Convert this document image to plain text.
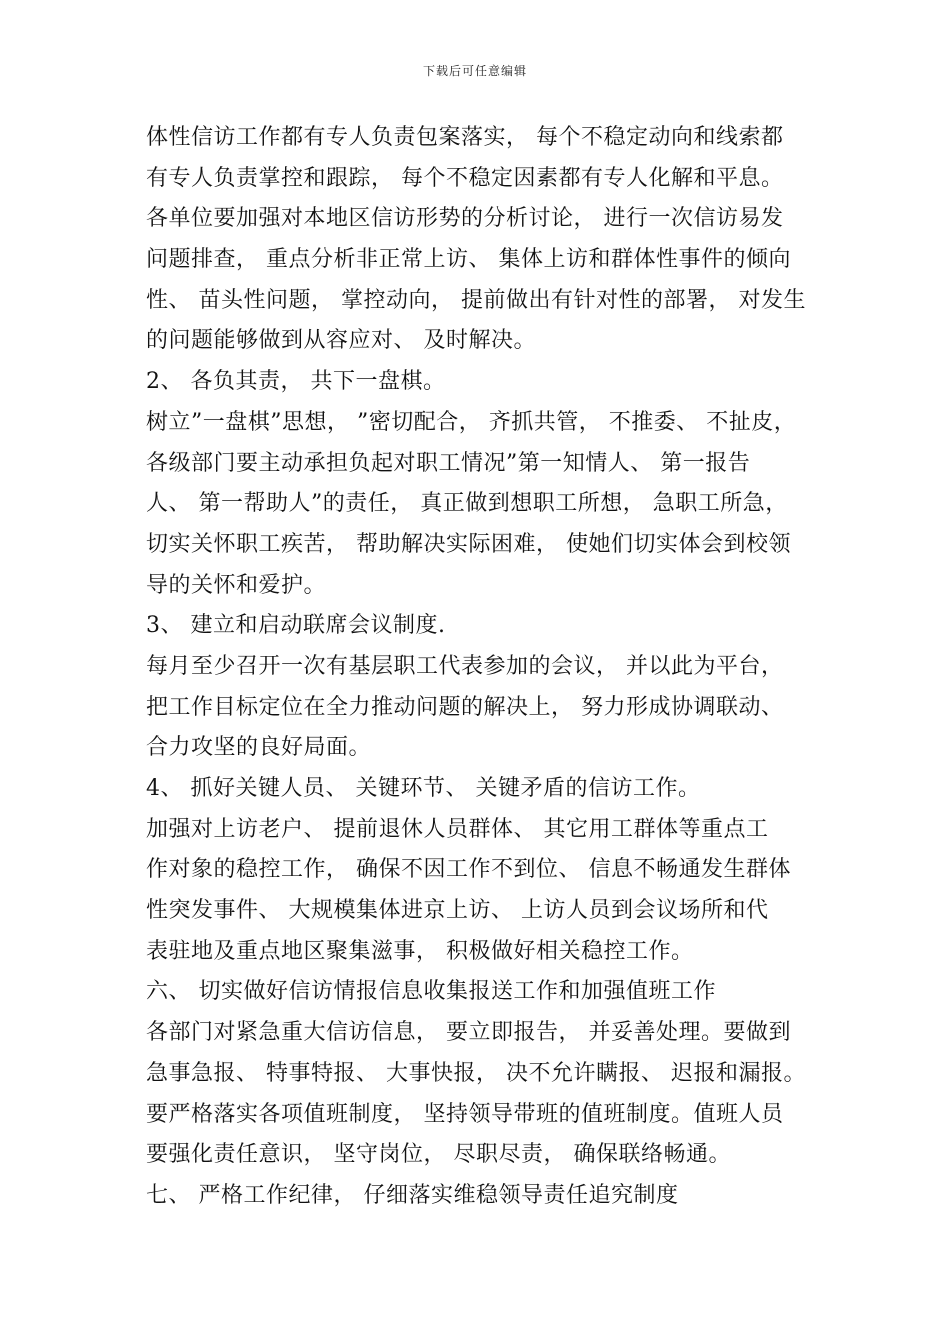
下载后可任意编辑
体性信访工作都有专人负责包案落实， 每个不稳定动向和线索都
有专人负责掌控和跟踪， 每个不稳定因素都有专人化解和平息。
各单位要加强对本地区信访形势的分析讨论， 进行一次信访易发
问题排查， 重点分析非正常上访、 集体上访和群体性事件的倾向
性、 苗头性问题， 掌控动向， 提前做出有针对性的部署， 对发生
的问题能够做到从容应对、 及时解决。
2、 各负其责， 共下一盘棋。
树立”一盘棋”思想， ”密切配合， 齐抓共管， 不推委、 不扯皮，
各级部门要主动承担负起对职工情况”第一知情人、 第一报告
人、 第一帮助人”的责任， 真正做到想职工所想， 急职工所急，
切实关怀职工疾苦， 帮助解决实际困难， 使她们切实体会到校领
导的关怀和爱护。
3、 建立和启动联席会议制度.
每月至少召开一次有基层职工代表参加的会议， 并以此为平台，
把工作目标定位在全力推动问题的解决上， 努力形成协调联动、
合力攻坚的良好局面。
4、 抓好关键人员、 关键环节、 关键矛盾的信访工作。
加强对上访老户、 提前退休人员群体、 其它用工群体等重点工
作对象的稳控工作， 确保不因工作不到位、 信息不畅通发生群体
性突发事件、 大规模集体进京上访、 上访人员到会议场所和代
表驻地及重点地区聚集滋事， 积极做好相关稳控工作。
六、 切实做好信访情报信息收集报送工作和加强值班工作
各部门对紧急重大信访信息， 要立即报告， 并妥善处理。要做到
急事急报、 特事特报、 大事快报， 决不允许瞒报、 迟报和漏报。
要严格落实各项值班制度， 坚持领导带班的值班制度。值班人员
要强化责任意识， 坚守岗位， 尽职尽责， 确保联络畅通。
七、 严格工作纪律， 仔细落实维稳领导责任追究制度
